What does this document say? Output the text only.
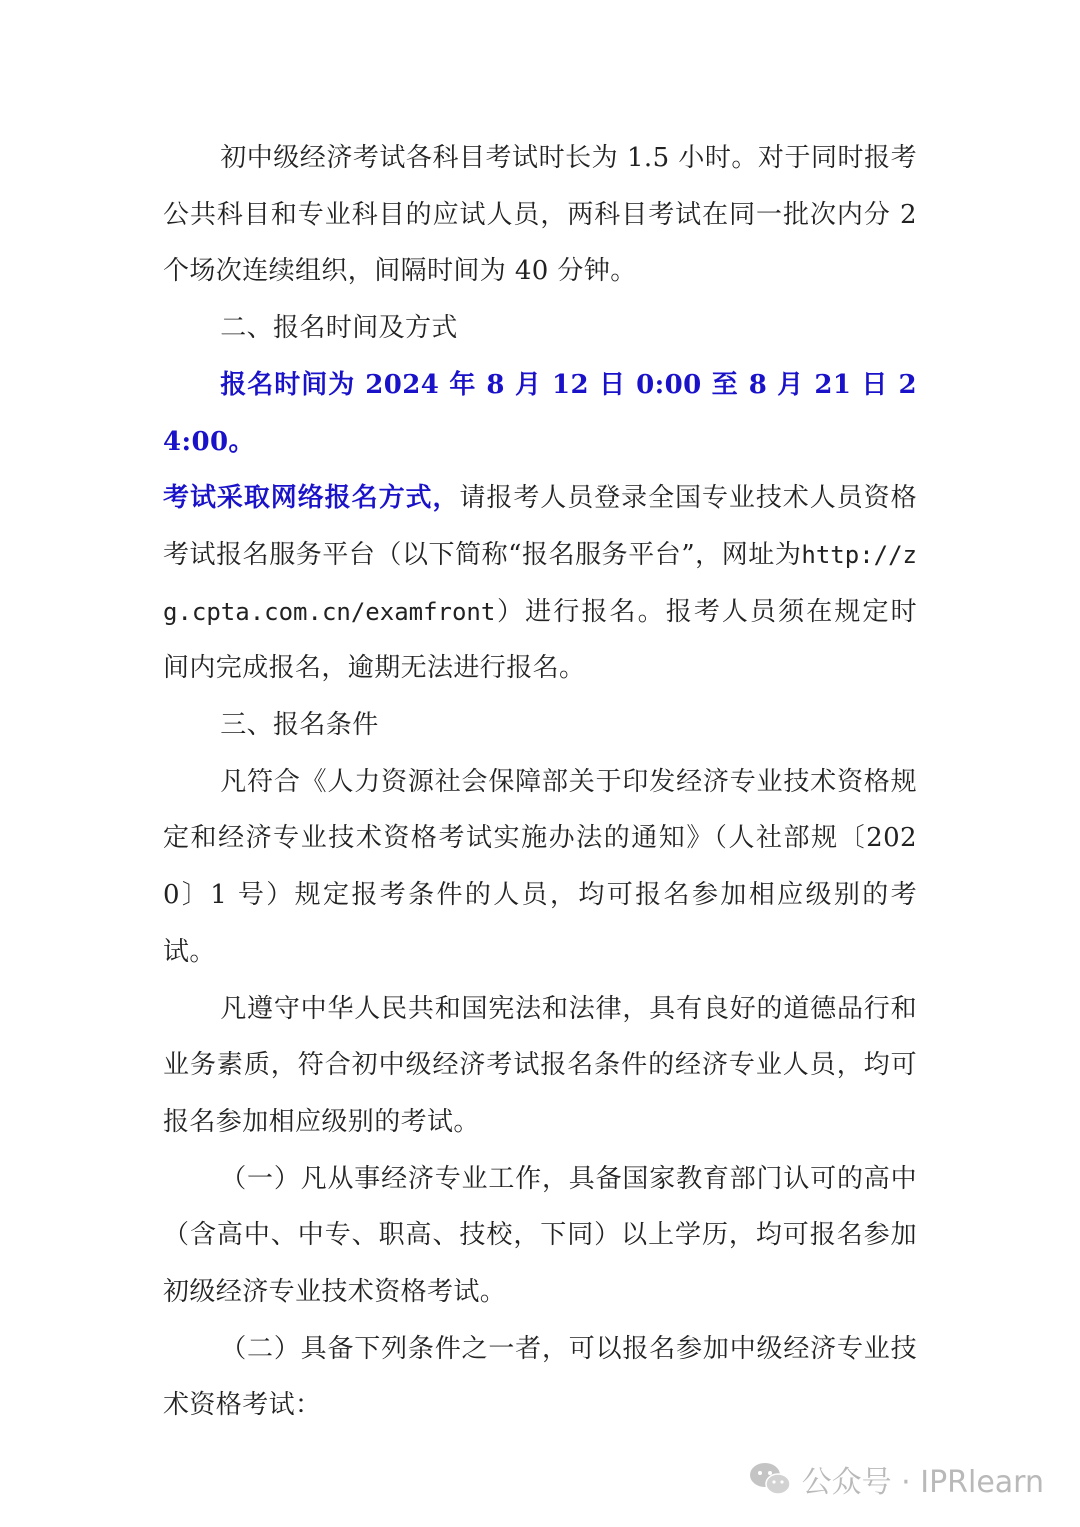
初中级经济考试各科目考试时长为 1.5 小时。对于同时报考公共科目和专业科目的应试人员，两科目考试在同一批次内分 2 个场次连续组织，间隔时间为 40 分钟。

二、报名时间及方式

报名时间为 2024 年 8 月 12 日 0:00 至 8 月 21 日 24:00。

考试采取网络报名方式，请报考人员登录全国专业技术人员资格考试报名服务平台（以下简称“报名服务平台”，网址为http://zg.cpta.com.cn/examfront）进行报名。报考人员须在规定时间内完成报名，逾期无法进行报名。

三、报名条件

凡符合《人力资源社会保障部关于印发经济专业技术资格规定和经济专业技术资格考试实施办法的通知》（人社部规〔2020〕1 号）规定报考条件的人员，均可报名参加相应级别的考试。

凡遵守中华人民共和国宪法和法律，具有良好的道德品行和业务素质，符合初中级经济考试报名条件的经济专业人员，均可报名参加相应级别的考试。

（一）凡从事经济专业工作，具备国家教育部门认可的高中（含高中、中专、职高、技校，下同）以上学历，均可报名参加初级经济专业技术资格考试。

（二）具备下列条件之一者，可以报名参加中级经济专业技术资格考试：

公众号 · IPRlearn
